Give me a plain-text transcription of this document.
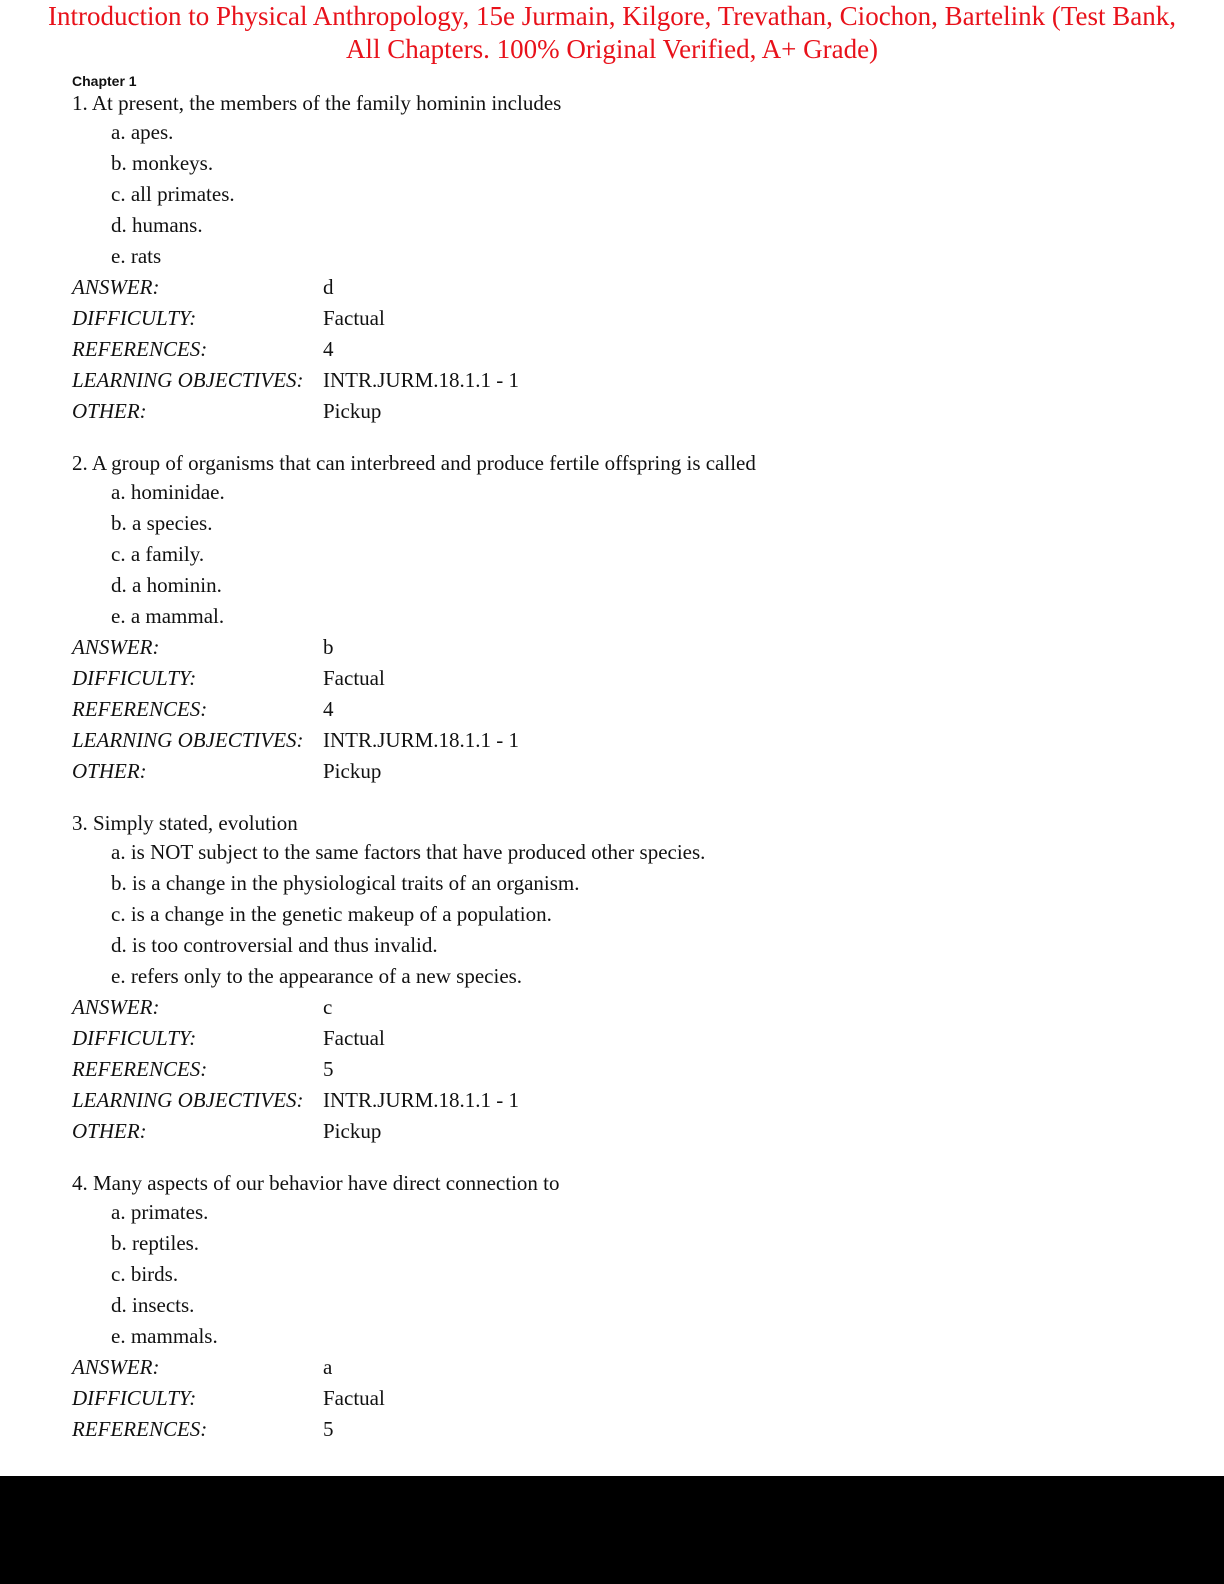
Introduction to Physical Anthropology, 15e Jurmain, Kilgore, Trevathan, Ciochon, Bartelink (Test Bank,
All Chapters. 100% Original Verified, A+ Grade)
Chapter 1
1 . At present, the members of the family hominin includes
a . apes.
b . monkeys.
c . all primates.
d . humans.
e . rats
ANSWER:	d
DIFFICULTY:	Factual
REFERENCES:	4
LEARNING OBJECTIVES: INTR.JURM.18.1.1 - 1
OTHER:	Pickup
2 . A group of organisms that can interbreed and produce fertile offspring is called
a . hominidae.
b . a species.
c . a family.
d . a hominin.
e . a mammal.
ANSWER:	b
DIFFICULTY:	Factual
REFERENCES:	4
LEARNING OBJECTIVES: INTR.JURM.18.1.1 - 1
OTHER:	Pickup
3 . Simply stated, evolution
a . is NOT subject to the same factors that have produced other species.
b . is a change in the physiological traits of an organism.
c . is a change in the genetic makeup of a population.
d . is too controversial and thus invalid.
e . refers only to the appearance of a new species.
ANSWER:	c
DIFFICULTY:	Factual
REFERENCES:	5
LEARNING OBJECTIVES: INTR.JURM.18.1.1 - 1
OTHER:	Pickup
4 . Many aspects of our behavior have direct connection to
a . primates.
b . reptiles.
c . birds.
d . insects.
e . mammals.
ANSWER:	a
DIFFICULTY:	Factual
REFERENCES:	5
